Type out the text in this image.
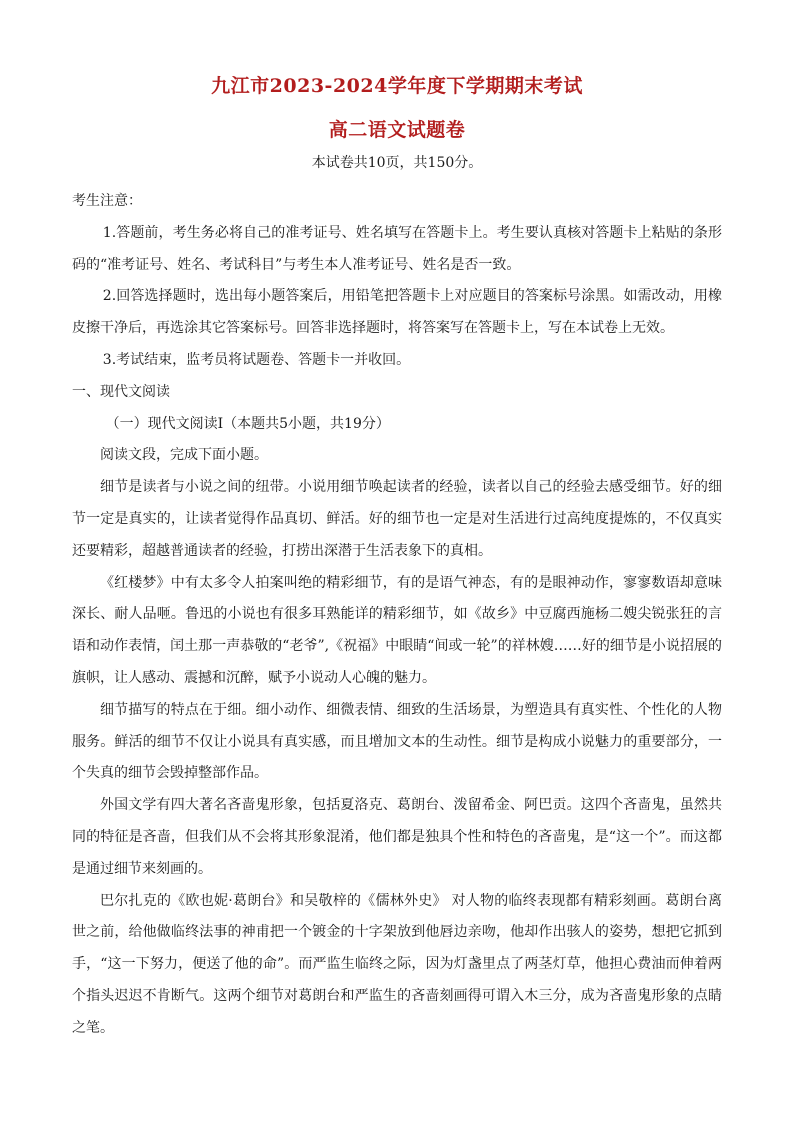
九江市2023-2024学年度下学期期末考试
高二语文试题卷
本试卷共10页，共150分。

考生注意：

1.答题前，考生务必将自己的准考证号、姓名填写在答题卡上。考生要认真核对答题卡上粘贴的条形码的“准考证号、姓名、考试科目”与考生本人准考证号、姓名是否一致。

2.回答选择题时，选出每小题答案后，用铅笔把答题卡上对应题目的答案标号涂黑。如需改动，用橡皮擦干净后，再选涂其它答案标号。回答非选择题时，将答案写在答题卡上，写在本试卷上无效。

3.考试结束，监考员将试题卷、答题卡一并收回。

一、现代文阅读

（一）现代文阅读Ⅰ（本题共5小题，共19分）

阅读文段，完成下面小题。

细节是读者与小说之间的纽带。小说用细节唤起读者的经验，读者以自己的经验去感受细节。好的细节一定是真实的，让读者觉得作品真切、鲜活。好的细节也一定是对生活进行过高纯度提炼的，不仅真实还要精彩，超越普通读者的经验，打捞出深潜于生活表象下的真相。

《红楼梦》中有太多令人拍案叫绝的精彩细节，有的是语气神态，有的是眼神动作，寥寥数语却意味深长、耐人品咂。鲁迅的小说也有很多耳熟能详的精彩细节，如《故乡》中豆腐西施杨二嫂尖锐张狂的言语和动作表情，闰土那一声恭敬的“老爷”,《祝福》中眼睛“间或一轮”的祥林嫂……好的细节是小说招展的旗帜，让人感动、震撼和沉醉，赋予小说动人心魄的魅力。

细节描写的特点在于细。细小动作、细微表情、细致的生活场景，为塑造具有真实性、个性化的人物服务。鲜活的细节不仅让小说具有真实感，而且增加文本的生动性。细节是构成小说魅力的重要部分，一个失真的细节会毁掉整部作品。

外国文学有四大著名吝啬鬼形象，包括夏洛克、葛朗台、泼留希金、阿巴贡。这四个吝啬鬼，虽然共同的特征是吝啬，但我们从不会将其形象混淆，他们都是独具个性和特色的吝啬鬼，是“这一个”。而这都是通过细节来刻画的。

巴尔扎克的《欧也妮·葛朗台》和吴敬梓的《儒林外史》 对人物的临终表现都有精彩刻画。葛朗台离世之前，给他做临终法事的神甫把一个镀金的十字架放到他唇边亲吻，他却作出骇人的姿势，想把它抓到手，“这一下努力，便送了他的命”。而严监生临终之际，因为灯盏里点了两茎灯草，他担心费油而伸着两个指头迟迟不肯断气。这两个细节对葛朗台和严监生的吝啬刻画得可谓入木三分，成为吝啬鬼形象的点睛之笔。
